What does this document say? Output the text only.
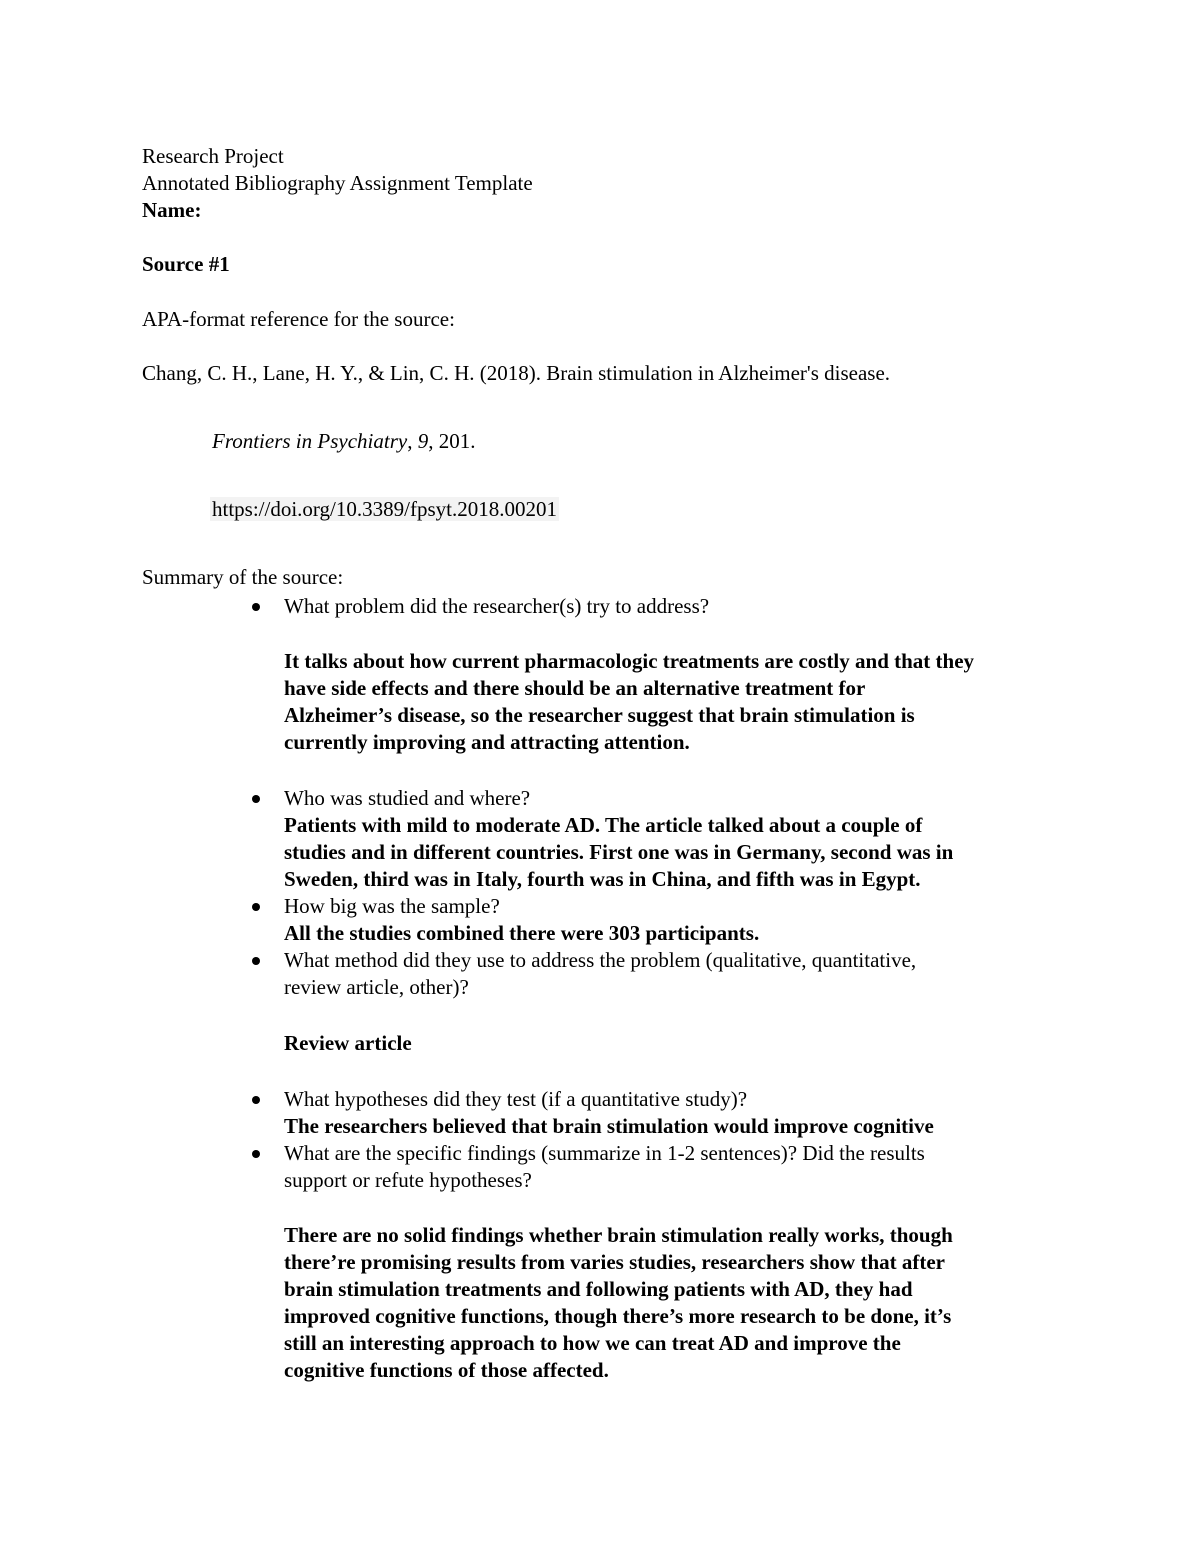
Research Project
Annotated Bibliography Assignment Template
Name:
Source #1
APA-format reference for the source:
Chang, C. H., Lane, H. Y., & Lin, C. H. (2018). Brain stimulation in Alzheimer's disease.
Frontiers in Psychiatry, 9, 201.
https://doi.org/10.3389/fpsyt.2018.00201
Summary of the source:
What problem did the researcher(s) try to address?
It talks about how current pharmacologic treatments are costly and that they
have side effects and there should be an alternative treatment for
Alzheimer’s disease, so the researcher suggest that brain stimulation is
currently improving and attracting attention.
Who was studied and where?
Patients with mild to moderate AD. The article talked about a couple of
studies and in different countries. First one was in Germany, second was in
Sweden, third was in Italy, fourth was in China, and fifth was in Egypt.
How big was the sample?
All the studies combined there were 303 participants.
What method did they use to address the problem (qualitative, quantitative,
review article, other)?
Review article
What hypotheses did they test (if a quantitative study)?
The researchers believed that brain stimulation would improve cognitive
What are the specific findings (summarize in 1-2 sentences)? Did the results
support or refute hypotheses?
There are no solid findings whether brain stimulation really works, though
there’re promising results from varies studies, researchers show that after
brain stimulation treatments and following patients with AD, they had
improved cognitive functions, though there’s more research to be done, it’s
still an interesting approach to how we can treat AD and improve the
cognitive functions of those affected.
